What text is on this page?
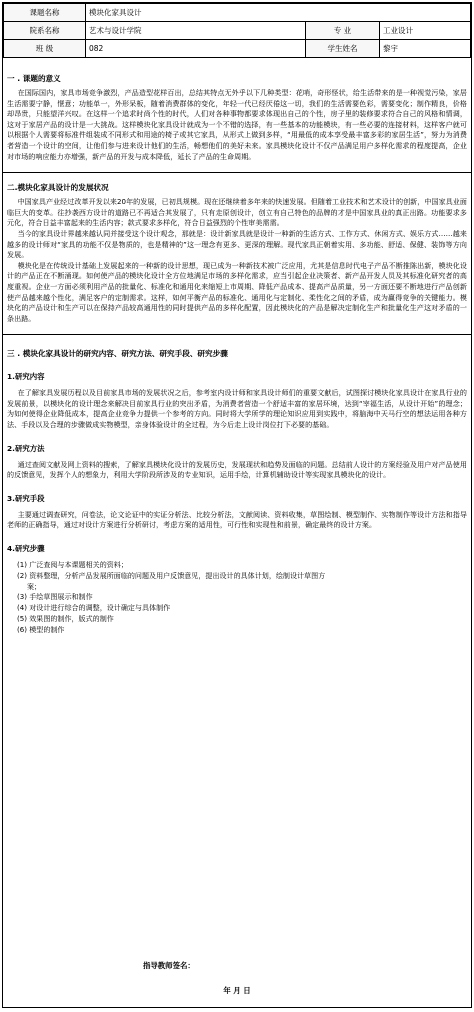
课题名称	模块化家具设计		
院系名称	艺术与设计学院	专 业	工业设计
班 级	082	学生姓名	黎宇
一 . 课题的意义

在国际国内，家具市场竞争激烈，产品造型花样百出，总结其特点无外乎以下几种类型：花哨，奇形怪状，给生活带来的是一种视觉污染，家居生活需要宁静，惬意；功能单一，外形呆板，随着消费群体的变化，年轻一代已经厌倦这一切，我们的生活需要色彩，需要变化；制作精良，价格却昂贵，只能望洋兴叹。在这样一个追求时尚个性的时代，人们对各种事物都要求体现出自己的个性，房子里的装修要求符合自己的风格和情调，这对于家居产品的设计是一大挑战。这样模块化家具设计就成为一个不错的选择，有一些基本的功能模块，有一些必要的连接材料，这样客户就可以根据个人需要将标准件组装成不同形式和用途的椅子或其它家具，从形式上做到多样，“用最低的成本享受最丰富多彩的家居生活”，努力为消费者营造一个设计的空间，让他们参与进来设计他们的生活，畅想他们的美好未来。家具模块化设计不仅产品满足用户多样化需求的程度提高，企业对市场的响应能力亦增强，新产品的开发与成本降低，延长了产品的生命周期。

二.模块化家具设计的发展状况

中国家具产业经过改革开发以来20年的发展，已初具规模。现在还继续着多年来的快速发展。但随着工业技术和艺术设计的创新，中国家具业面临巨大的变革。往抄袭西方设计的道路已不再适合其发展了，只有走原创设计，创立有自己特色的品牌的才是中国家具业的真正出路。功能要求多元化，符合日益丰富起来的生活内容；款式要求多样化，符合日益强烈的个性审美需需。

当今的家具设计界越来越认同并接受这个设计观念，那就是：设计新家具就是设计一种新的生活方式、工作方式、休闲方式、娱乐方式……越来越多的设计师对“家具的功能不仅是物质的，也是精神的”这一理念有更多、更深的理解。现代家具正朝着实用、多功能、舒适、保健、装饰等方向发展。

模块化是在传统设计基础上发展起来的一种新的设计思想，现已成为一种新技术被广泛应用，尤其是信息时代电子产品不断推陈出新，模块化设计的产品正在不断涌现。如何使产品的模块化设计全方位地满足市场的多样化需求，应当引起企业决策者、新产品开发人员及其标准化研究者的高度重视。企业一方面必须利用产品的批量化、标准化和通用化来缩短上市周期、降低产品成本、提高产品质量，另一方面还要不断地进行产品创新使产品越来越个性化，满足客户的定制需求。这样，如何平衡产品的标准化、通用化与定制化、柔性化之间的矛盾，成为赢得竞争的关键能力。模块化的产品设计和生产可以在保持产品较高通用性的同时提供产品的多样化配置，因此模块化的产品是解决定制化生产和批量化生产这对矛盾的一条出路。

三 . 模块化家具设计的研究内容、研究方法、研究手段、研究步骤
1.研究内容

在了解家具发展历程以及目前家具市场的发展状况之后，参考室内设计师和家具设计师们的重要文献后，试图探讨模块化家具设计在家具行业的发展前景，以模块化的设计理念来解决目前家具行业的突出矛盾，为消费者营造一个舒适丰富的家居环境，达到“宰福生活，从设计开始”的理念；为如何使得企业降低成本，提高企业竞争力提供一个参考的方向。同时将大学所学的理论知识应用到实践中，将脑海中天马行空的想法运用各种方法、手段以及合理的步骤做成实物模型，亲身体验设计的全过程，为今后走上设计岗位打下必要的基础。

2.研究方法

通过查阅文献及网上资料的搜索，了解家具模块化设计的发展历史，发展现状和趋势及面临的问题。总结前人设计的方案经验及用户对产品使用的反馈意见，发挥个人的想象力，利用大学阶段所涉及的专业知识，运用手绘，计算机辅助设计等实现家具模块化的设计。

3.研究手段

主要通过调查研究，问卷法，论文论证中的实证分析法、比较分析法，文献阅读、资料收集，草图绘制、模型制作、实物制作等设计方法和指导老师的正确指导，通过对设计方案进行分析研讨，考虑方案的适用性，可行性和实现性和前景，确定最终的设计方案。

4.研究步骤
(1) 广泛查阅与本课题相关的资料；
(2) 资料整理，分析产品发展所面临的问题及用户反馈意见，提出设计的具体计划，绘制设计草图方
案；
(3) 手绘草图展示和制作
(4) 对设计进行综合的调整，设计确定与具体制作
(5) 效果图的制作，版式的制作
(6) 模型的制作
指导教师签名：
年 月 日
